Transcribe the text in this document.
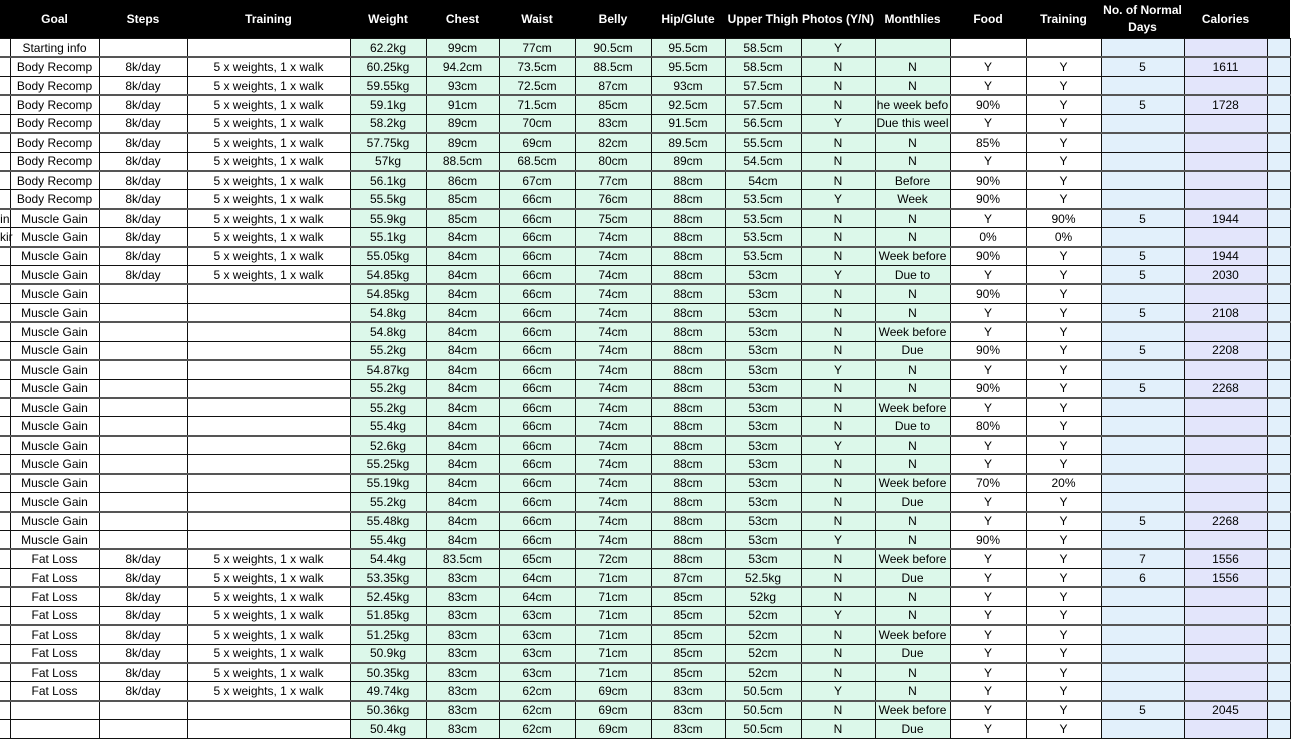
	Goal	Steps	Training	Weight	Chest	Waist	Belly	Hip/Glute	Upper Thigh	Photos (Y/N)	Monthlies	Food	Training	No. of Normal Days	Calories	
	Starting info			62.2kg	99cm	77cm	90.5cm	95.5cm	58.5cm	Y						
	Body Recomp	8k/day	5 x weights, 1 x walk	60.25kg	94.2cm	73.5cm	88.5cm	95.5cm	58.5cm	N	N	Y	Y	5	1611	
	Body Recomp	8k/day	5 x weights, 1 x walk	59.55kg	93cm	72.5cm	87cm	93cm	57.5cm	N	N	Y	Y			
	Body Recomp	8k/day	5 x weights, 1 x walk	59.1kg	91cm	71.5cm	85cm	92.5cm	57.5cm	N	he week befo	90%	Y	5	1728	
	Body Recomp	8k/day	5 x weights, 1 x walk	58.2kg	89cm	70cm	83cm	91.5cm	56.5cm	Y	Due this weel	Y	Y			
	Body Recomp	8k/day	5 x weights, 1 x walk	57.75kg	89cm	69cm	82cm	89.5cm	55.5cm	N	N	85%	Y			
	Body Recomp	8k/day	5 x weights, 1 x walk	57kg	88.5cm	68.5cm	80cm	89cm	54.5cm	N	N	Y	Y			
	Body Recomp	8k/day	5 x weights, 1 x walk	56.1kg	86cm	67cm	77cm	88cm	54cm	N	Before	90%	Y			
	Body Recomp	8k/day	5 x weights, 1 x walk	55.5kg	85cm	66cm	76cm	88cm	53.5cm	Y	Week	90%	Y			
in	Muscle Gain	8k/day	5 x weights, 1 x walk	55.9kg	85cm	66cm	75cm	88cm	53.5cm	N	N	Y	90%	5	1944	
kir	Muscle Gain	8k/day	5 x weights, 1 x walk	55.1kg	84cm	66cm	74cm	88cm	53.5cm	N	N	0%	0%			
	Muscle Gain	8k/day	5 x weights, 1 x walk	55.05kg	84cm	66cm	74cm	88cm	53.5cm	N	Week before	90%	Y	5	1944	
	Muscle Gain	8k/day	5 x weights, 1 x walk	54.85kg	84cm	66cm	74cm	88cm	53cm	Y	Due to	Y	Y	5	2030	
	Muscle Gain			54.85kg	84cm	66cm	74cm	88cm	53cm	N	N	90%	Y			
	Muscle Gain			54.8kg	84cm	66cm	74cm	88cm	53cm	N	N	Y	Y	5	2108	
	Muscle Gain			54.8kg	84cm	66cm	74cm	88cm	53cm	N	Week before	Y	Y			
	Muscle Gain			55.2kg	84cm	66cm	74cm	88cm	53cm	N	Due	90%	Y	5	2208	
	Muscle Gain			54.87kg	84cm	66cm	74cm	88cm	53cm	Y	N	Y	Y			
	Muscle Gain			55.2kg	84cm	66cm	74cm	88cm	53cm	N	N	90%	Y	5	2268	
	Muscle Gain			55.2kg	84cm	66cm	74cm	88cm	53cm	N	Week before	Y	Y			
	Muscle Gain			55.4kg	84cm	66cm	74cm	88cm	53cm	N	Due to	80%	Y			
	Muscle Gain			52.6kg	84cm	66cm	74cm	88cm	53cm	Y	N	Y	Y			
	Muscle Gain			55.25kg	84cm	66cm	74cm	88cm	53cm	N	N	Y	Y			
	Muscle Gain			55.19kg	84cm	66cm	74cm	88cm	53cm	N	Week before	70%	20%			
	Muscle Gain			55.2kg	84cm	66cm	74cm	88cm	53cm	N	Due	Y	Y			
	Muscle Gain			55.48kg	84cm	66cm	74cm	88cm	53cm	N	N	Y	Y	5	2268	
	Muscle Gain			55.4kg	84cm	66cm	74cm	88cm	53cm	Y	N	90%	Y			
	Fat Loss	8k/day	5 x weights, 1 x walk	54.4kg	83.5cm	65cm	72cm	88cm	53cm	N	Week before	Y	Y	7	1556	
	Fat Loss	8k/day	5 x weights, 1 x walk	53.35kg	83cm	64cm	71cm	87cm	52.5kg	N	Due	Y	Y	6	1556	
	Fat Loss	8k/day	5 x weights, 1 x walk	52.45kg	83cm	64cm	71cm	85cm	52kg	N	N	Y	Y			
	Fat Loss	8k/day	5 x weights, 1 x walk	51.85kg	83cm	63cm	71cm	85cm	52cm	Y	N	Y	Y			
	Fat Loss	8k/day	5 x weights, 1 x walk	51.25kg	83cm	63cm	71cm	85cm	52cm	N	Week before	Y	Y			
	Fat Loss	8k/day	5 x weights, 1 x walk	50.9kg	83cm	63cm	71cm	85cm	52cm	N	Due	Y	Y			
	Fat Loss	8k/day	5 x weights, 1 x walk	50.35kg	83cm	63cm	71cm	85cm	52cm	N	N	Y	Y			
	Fat Loss	8k/day	5 x weights, 1 x walk	49.74kg	83cm	62cm	69cm	83cm	50.5cm	Y	N	Y	Y			
				50.36kg	83cm	62cm	69cm	83cm	50.5cm	N	Week before	Y	Y	5	2045	
				50.4kg	83cm	62cm	69cm	83cm	50.5cm	N	Due	Y	Y			
